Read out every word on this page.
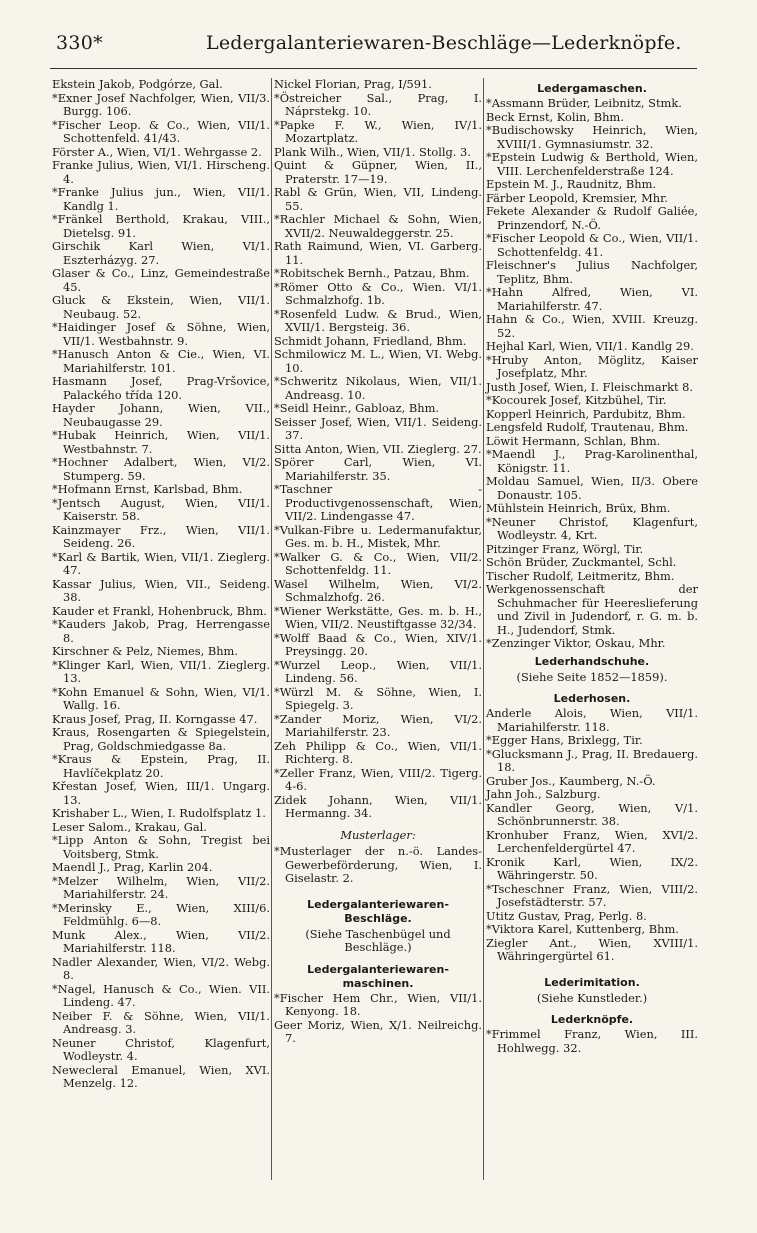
330*	Ledergalanteriewaren-Beschläge—Lederknöpfe.

Ekstein Jakob, Podgórze, Gal.

*Exner Josef Nachfolger, Wien, VII/3. Burgg. 106.

*Fischer Leop. & Co., Wien, VII/1. Schottenfeld. 41/43.

Förster A., Wien, VI/1. Wehrgasse 2.

Franke Julius, Wien, VI/1. Hirscheng. 4.

*Franke Julius jun., Wien, VII/1. Kandlg 1.

*Fränkel Berthold, Krakau, VIII., Dietelsg. 91.

Girschik Karl Wien, VI/1. Eszterházyg. 27.

Glaser & Co., Linz, Gemeindestraße 45.

Gluck & Ekstein, Wien, VII/1. Neubaug. 52.

*Haidinger Josef & Söhne, Wien, VII/1. Westbahnstr. 9.

*Hanusch Anton & Cie., Wien, VI. Mariahilferstr. 101.

Hasmann Josef, Prag-Vršovice, Palackého třída 120.

Hayder Johann, Wien, VII., Neubaugasse 29.

*Hubak Heinrich, Wien, VII/1. Westbahnstr. 7.

*Hochner Adalbert, Wien, VI/2. Stumperg. 59.

*Hofmann Ernst, Karlsbad, Bhm.

*Jentsch August, Wien, VII/1. Kaiserstr. 58.

Kainzmayer Frz., Wien, VII/1. Seideng. 26.

*Karl & Bartik, Wien, VII/1. Zieglerg. 47.

Kassar Julius, Wien, VII., Seideng. 38.

Kauder et Frankl, Hohenbruck, Bhm.

*Kauders Jakob, Prag, Herrengasse 8.

Kirschner & Pelz, Niemes, Bhm.

*Klinger Karl, Wien, VII/1. Zieglerg. 13.

*Kohn Emanuel & Sohn, Wien, VI/1. Wallg. 16.

Kraus Josef, Prag, II. Korngasse 47.

Kraus, Rosengarten & Spiegelstein, Prag, Goldschmiedgasse 8a.

*Kraus & Epstein, Prag, II. Havlíčekplatz 20.

Křestan Josef, Wien, III/1. Ungarg. 13.

Krishaber L., Wien, I. Rudolfsplatz 1.

Leser Salom., Krakau, Gal.

*Lipp Anton & Sohn, Tregist bei Voitsberg, Stmk.

Maendl J., Prag, Karlin 204.

*Melzer Wilhelm, Wien, VII/2. Mariahilferstr. 24.

*Merinsky E., Wien, XIII/6. Feldmühlg. 6—8.

Munk Alex., Wien, VII/2. Mariahilferstr. 118.

Nadler Alexander, Wien, VI/2. Webg. 8.

*Nagel, Hanusch & Co., Wien. VII. Lindeng. 47.

Neiber F. & Söhne, Wien, VII/1. Andreasg. 3.

Neuner Christof, Klagenfurt, Wodleystr. 4.

Newecleral Emanuel, Wien, XVI. Menzelg. 12.

Nickel Florian, Prag, I/591.

*Östreicher Sal., Prag, I. Náprstekg. 10.

*Papke F. W., Wien, IV/1. Mozartplatz.

Plank Wilh., Wien, VII/1. Stollg. 3.

Quint & Güpner, Wien, II., Praterstr. 17—19.

Rabl & Grün, Wien, VII, Lindeng. 55.

*Rachler Michael & Sohn, Wien, XVII/2. Neuwaldeggerstr. 25.

Rath Raimund, Wien, VI. Garberg. 11.

*Robitschek Bernh., Patzau, Bhm.

*Römer Otto & Co., Wien. VI/1. Schmalzhofg. 1b.

*Rosenfeld Ludw. & Brud., Wien, XVII/1. Bergsteig. 36.

Schmidt Johann, Friedland, Bhm.

Schmilowicz M. L., Wien, VI. Webg. 10.

*Schweritz Nikolaus, Wien, VII/1. Andreasg. 10.

*Seidl Heinr., Gabloaz, Bhm.

Seisser Josef, Wien, VII/1. Seideng. 37.

Sitta Anton, Wien, VII. Zieglerg. 27.

Spörer Carl, Wien, VI. Mariahilferstr. 35.

*Taschner - Productivgenossenschaft, Wien, VII/2. Lindengasse 47.

*Vulkan-Fibre u. Ledermanufaktur, Ges. m. b. H., Mistek, Mhr.

*Walker G. & Co., Wien, VII/2. Schottenfeldg. 11.

Wasel Wilhelm, Wien, VI/2. Schmalzhofg. 26.

*Wiener Werkstätte, Ges. m. b. H., Wien, VII/2. Neustiftgasse 32/34.

*Wolff Baad & Co., Wien, XIV/1. Preysingg. 20.

*Wurzel Leop., Wien, VII/1. Lindeng. 56.

*Würzl M. & Söhne, Wien, I. Spiegelg. 3.

*Zander Moriz, Wien, VI/2. Mariahilferstr. 23.

Zeh Philipp & Co., Wien, VII/1. Richterg. 8.

*Zeller Franz, Wien, VIII/2. Tigerg. 4-6.

Zidek Johann, Wien, VII/1. Hermanng. 34.

Musterlager:

*Musterlager der n.-ö. Landes-Gewerbeförderung, Wien, I. Giselastr. 2.

Ledergalanteriewaren-
Beschläge.
(Siehe Taschenbügel und
Beschläge.)
Ledergalanteriewaren-
maschinen.

*Fischer Hem Chr., Wien, VII/1. Kenyong. 18.

Geer Moriz, Wien, X/1. Neilreichg. 7.

Ledergamaschen.

*Assmann Brüder, Leibnitz, Stmk.

Beck Ernst, Kolin, Bhm.

*Budischowsky Heinrich, Wien, XVIII/1. Gymnasiumstr. 32.

*Epstein Ludwig & Berthold, Wien, VIII. Lerchenfelderstraße 124.

Epstein M. J., Raudnitz, Bhm.

Färber Leopold, Kremsier, Mhr.

Fekete Alexander & Rudolf Galiée, Prinzendorf, N.-Ö.

*Fischer Leopold & Co., Wien, VII/1. Schottenfeldg. 41.

Fleischner's Julius Nachfolger, Teplitz, Bhm.

*Hahn Alfred, Wien, VI. Mariahilferstr. 47.

Hahn & Co., Wien, XVIII. Kreuzg. 52.

Hejhal Karl, Wien, VII/1. Kandlg 29.

*Hruby Anton, Möglitz, Kaiser Josefplatz, Mhr.

Justh Josef, Wien, I. Fleischmarkt 8.

*Kocourek Josef, Kitzbühel, Tir.

Kopperl Heinrich, Pardubitz, Bhm.

Lengsfeld Rudolf, Trautenau, Bhm.

Löwit Hermann, Schlan, Bhm.

*Maendl J., Prag-Karolinenthal, Königstr. 11.

Moldau Samuel, Wien, II/3. Obere Donaustr. 105.

Mühlstein Heinrich, Brüx, Bhm.

*Neuner Christof, Klagenfurt, Wodleystr. 4, Krt.

Pitzinger Franz, Wörgl, Tir.

Schön Brüder, Zuckmantel, Schl.

Tischer Rudolf, Leitmeritz, Bhm.

Werkgenossenschaft der Schuhmacher für Heereslieferung und Zivil in Judendorf, r. G. m. b. H., Judendorf, Stmk.

*Zenzinger Viktor, Oskau, Mhr.

Lederhandschuhe.
(Siehe Seite 1852—1859).
Lederhosen.

Anderle Alois, Wien, VII/1. Mariahilferstr. 118.

*Egger Hans, Brixlegg, Tir.

*Glucksmann J., Prag, II. Bredauerg. 18.

Gruber Jos., Kaumberg, N.-Ö.

Jahn Joh., Salzburg.

Kandler Georg, Wien, V/1. Schönbrunnerstr. 38.

Kronhuber Franz, Wien, XVI/2. Lerchenfeldergürtel 47.

Kronik Karl, Wien, IX/2. Währingerstr. 50.

*Tscheschner Franz, Wien, VIII/2. Josefstädterstr. 57.

Utitz Gustav, Prag, Perlg. 8.

*Viktora Karel, Kuttenberg, Bhm.

Ziegler Ant., Wien, XVIII/1. Währingergürtel 61.

Lederimitation.
(Siehe Kunstleder.)
Lederknöpfe.

*Frimmel Franz, Wien, III. Hohlwegg. 32.
